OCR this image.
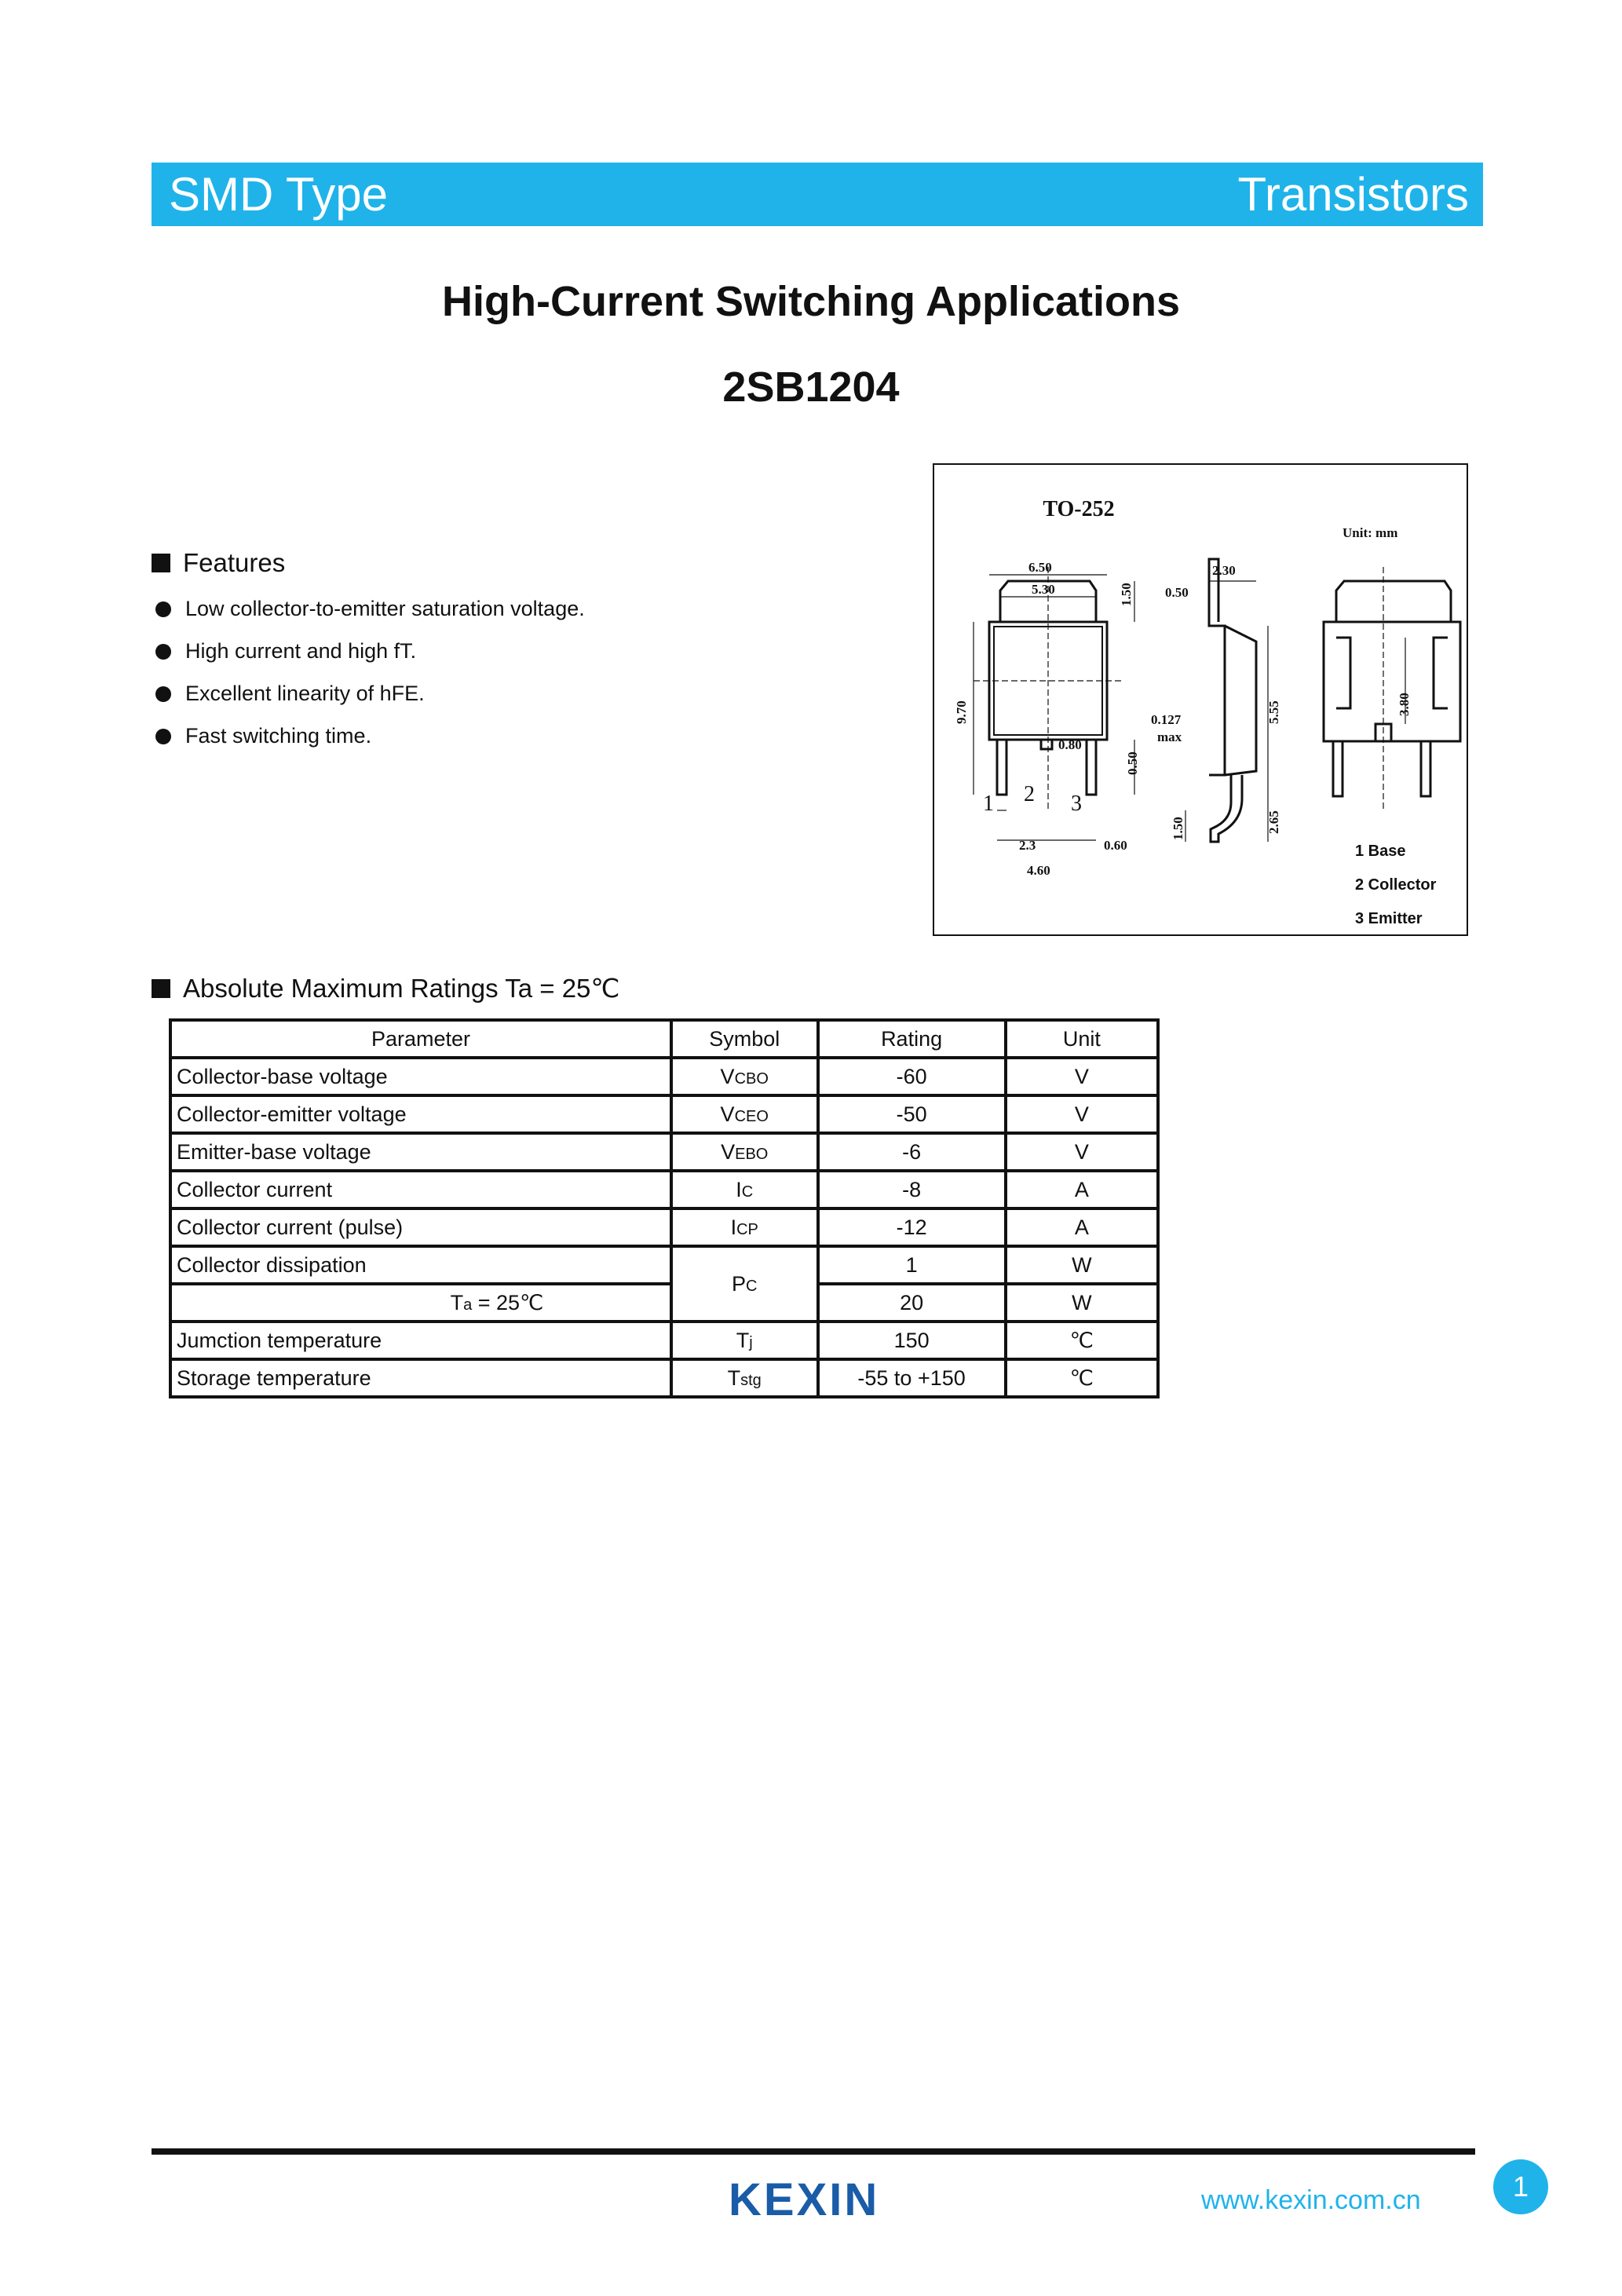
SMD Type	Transistors
High-Current Switching Applications
2SB1204
Features
Low collector-to-emitter saturation voltage.
High current and high fT.
Excellent linearity of hFE.
Fast switching time.
TO-252
Unit: mm
6.50
5.30	1.50
9.70
0.80
0.50
2.3	0.60
4.60
1 2 3
2.30
0.50
0.127
max
5.55
2.65
1.50
3.80
1 Base
2 Collector
3 Emitter
Absolute Maximum Ratings Ta = 25℃
Parameter	Symbol	Rating	Unit
Collector-base voltage	VCBO	-60	V
Collector-emitter voltage	VCEO	-50	V
Emitter-base voltage	VEBO	-6	V
Collector current	IC	-8	A
Collector current (pulse)	ICP	-12	A
Collector dissipation	PC	1	W
Ta = 25℃		20	W
Jumction temperature	Tj	150	℃
Storage temperature	Tstg	-55 to +150	℃
KEXIN	www.kexin.com.cn	1
